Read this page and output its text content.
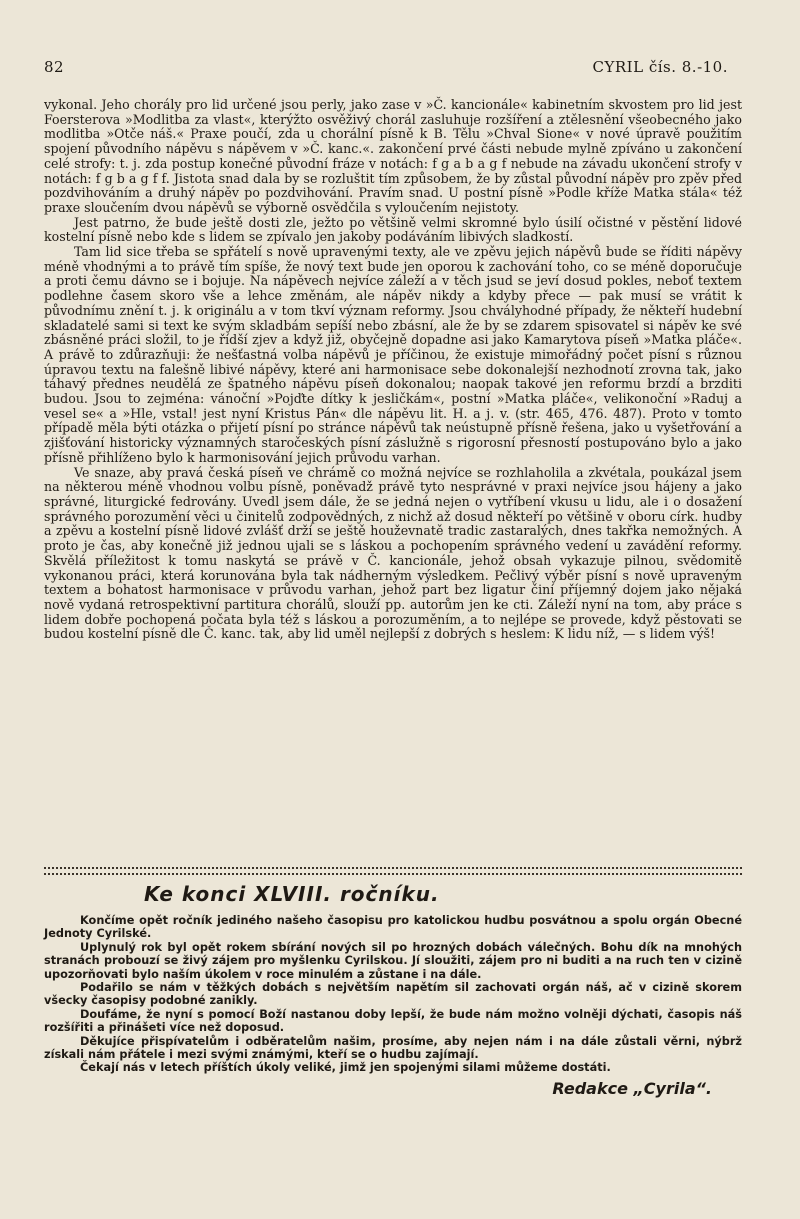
82	CYRIL čís. 8.-10.

vykonal. Jeho chorály pro lid určené jsou perly, jako zase v »Č. kancionále« kabinetním skvostem pro lid jest Foersterova »Modlitba za vlast«, kterýžto osvěživý chorál zasluhuje rozšíření a ztělesnění všeobecného jako modlitba »Otče náš.« Praxe poučí, zda u chorální písně k B. Tělu »Chval Sione« v nové úpravě použitím spojení původního nápěvu s nápěvem v »Č. kanc.«. zakončení prvé části nebude mylně zpíváno u zakončení celé strofy: t. j. zda postup konečné původní fráze v notách: f g a b a g f nebude na závadu ukončení strofy v notách: f g b a g f f. Jistota snad dala by se rozluštit tím způsobem, že by zůstal původní nápěv pro zpěv před pozdvihováním a druhý nápěv po pozdvihování. Pravím snad. U postní písně »Podle kříže Matka stála« též praxe sloučením dvou nápěvů se výborně osvědčila s vyloučením nejistoty.

Jest patrno, že bude ještě dosti zle, ježto po většině velmi skromné bylo úsilí očistné v pěstění lidové kostelní písně nebo kde s lidem se zpívalo jen jakoby podáváním libivých sladkostí.

Tam lid sice třeba se spřátelí s nově upravenými texty, ale ve zpěvu jejich nápěvů bude se říditi nápěvy méně vhodnými a to právě tím spíše, že nový text bude jen oporou k zachování toho, co se méně doporučuje a proti čemu dávno se i bojuje. Na nápěvech nejvíce záleží a v těch jsud se jeví dosud pokles, neboť textem podlehne časem skoro vše a lehce změnám, ale nápěv nikdy a kdyby přece — pak musí se vrátit k původnímu znění t. j. k originálu a v tom tkví význam reformy. Jsou chvályhodné případy, že někteří hudební skladatelé sami si text ke svým skladbám sepíší nebo zbásní, ale že by se zdarem spisovatel si nápěv ke své zbásněné práci složil, to je řídší zjev a když již, obyčejně dopadne asi jako Kamarytova píseň »Matka pláče«. A právě to zdůrazňuji: že nešťastná volba nápěvů je příčinou, že existuje mimořádný počet písní s různou úpravou textu na falešně libivé nápěvy, které ani harmonisace sebe dokonalejší nezhodnotí zrovna tak, jako táhavý přednes neudělá ze špatného nápěvu píseň dokonalou; naopak takové jen reformu brzdí a brzditi budou. Jsou to zejména: vánoční »Pojďte dítky k jesličkám«, postní »Matka pláče«, velikonoční »Raduj a vesel se« a »Hle, vstal! jest nyní Kristus Pán« dle nápěvu lit. H. a j. v. (str. 465, 476. 487). Proto v tomto případě měla býti otázka o přijetí písní po stránce nápěvů tak neústupně přísně řešena, jako u vyšetřování a zjišťování historicky významných staročeských písní záslužně s rigorosní přesností postupováno bylo a jako přísně přihlíženo bylo k harmonisování jejich průvodu varhan.

Ve snaze, aby pravá česká píseň ve chrámě co možná nejvíce se rozhlaholila a zkvétala, poukázal jsem na některou méně vhodnou volbu písně, poněvadž právě tyto nesprávné v praxi nejvíce jsou hájeny a jako správné, liturgické fedrovány. Uvedl jsem dále, že se jedná nejen o vytříbení vkusu u lidu, ale i o dosažení správného porozumění věci u činitelů zodpovědných, z nichž až dosud někteří po většině v oboru círk. hudby a zpěvu a kostelní písně lidové zvlášť drží se ještě houževnatě tradic zastaralých, dnes takřka nemožných. A proto je čas, aby konečně již jednou ujali se s láskou a pochopením správného vedení u zavádění reformy. Skvělá příležitost k tomu naskytá se právě v Č. kancionále, jehož obsah vykazuje pilnou, svědomitě vykonanou práci, která korunována byla tak nádherným výsledkem. Pečlivý výběr písní s nově upraveným textem a bohatost harmonisace v průvodu varhan, jehož part bez ligatur činí příjemný dojem jako nějaká nově vydaná retrospektivní partitura chorálů, slouží pp. autorům jen ke cti. Záleží nyní na tom, aby práce s lidem dobře pochopená počata byla též s láskou a porozuměním, a to nejlépe se provede, když pěstovati se budou kostelní písně dle Č. kanc. tak, aby lid uměl nejlepší z dobrých s heslem: K lidu níž, — s lidem výš!

Ke konci XLVIII. ročníku.

Končíme opět ročník jediného našeho časopisu pro katolickou hudbu posvátnou a spolu orgán Obecné Jednoty Cyrilské.

Uplynulý rok byl opět rokem sbírání nových sil po hrozných dobách válečných. Bohu dík na mnohých stranách probouzí se živý zájem pro myšlenku Cyrilskou. Jí sloužiti, zájem pro ni buditi a na ruch ten v cizině upozorňovati bylo naším úkolem v roce minulém a zůstane i na dále.

Podařilo se nám v těžkých dobách s největším napětím sil zachovati orgán náš, ač v cizině skorem všecky časopisy podobné zanikly.

Doufáme, že nyní s pomocí Boží nastanou doby lepší, že bude nám možno volněji dýchati, časopis náš rozšířiti a přinášeti více než doposud.

Děkujíce přispívatelům i odběratelům našim, prosíme, aby nejen nám i na dále zůstali věrni, nýbrž získali nám přátele i mezi svými známými, kteří se o hudbu zajímají.

Čekají nás v letech příštích úkoly veliké, jimž jen spojenými silami můžeme dostáti.

Redakce „Cyrila“.
